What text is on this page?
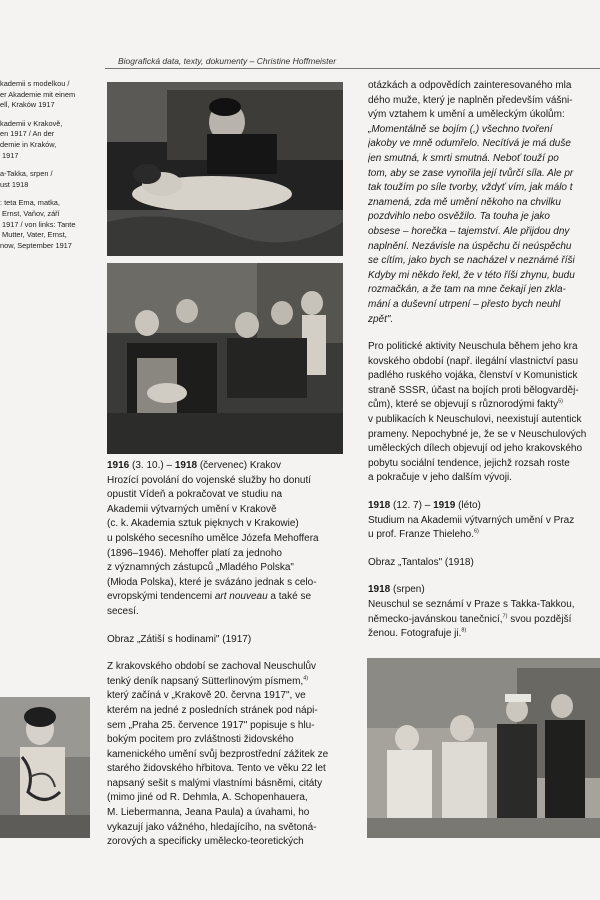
Biografická data, texty, dokumenty – Christine Hoffmeister
kademii s modelkou /
er Akademie mit einem
ell, Kraków 1917
kademii v Krakově,
en 1917 / An der
demie in Kraków,
1917
a-Takka, srpen /
ust 1918
: teta Ema, matka,
Ernst, Vaňov, září
1917 / von links: Tante
Mutter, Vater, Ernst,
now, September 1917

1916 (3. 10.) – 1918 (červenec) Krakov

Hrozící povolání do vojenské služby ho donutí

opustit Vídeň a pokračovat ve studiu na

Akademii výtvarných umění v Krakově

(c. k. Akademia sztuk pięknych v Krakowie)

u polského secesního umělce Józefa Mehoffera

(1896–1946). Mehoffer platí za jednoho

z významných zástupců „Mladého Polska"

(Młoda Polska), které je svázáno jednak s celo-

evropskými tendencemi art nouveau a také se

secesí.

Obraz „Zátiší s hodinami" (1917)

Z krakovského období se zachoval Neuschulův

tenký deník napsaný Sütterlinovým písmem,$^{4)}$

který začíná v „Krakově 20. června 1917", ve

kterém na jedné z posledních stránek pod nápi-

sem „Praha 25. července 1917" popisuje s hlu-

bokým pocitem pro zvláštnosti židovského

kamenického umění svůj bezprostřední zážitek ze

starého židovského hřbitova. Tento ve věku 22 let

napsaný sešit s malými vlastními básněmi, citáty

(mimo jiné od R. Dehmla, A. Schopenhauera,

M. Liebermanna, Jeana Paula) a úvahami, ho

vykazují jako vážného, hledajícího, na světoná-

zorových a specificky umělecko-teoretických

otázkách a odpovědích zainteresovaného mla

dého muže, který je naplněn především vášni-

vým vztahem k umění a uměleckým úkolům:

„Momentálně se bojím (,) všechno tvoření

jakoby ve mně odumřelo. Necítívá je má duše

jen smutná, k smrti smutná. Neboť touží po

tom, aby se zase vynořila její tvůrčí síla. Ale pr

tak toužím po síle tvorby, vždyť vím, jak málo t

znamená, zda mě umění někoho na chvilku

pozdvihlo nebo osvěžilo. Ta touha je jako

obsese – horečka – tajemství. Ale přijdou dny

naplnění. Nezávisle na úspěchu či neúspěchu

se cítím, jako bych se nacházel v neznámé říši

Kdyby mi někdo řekl, že v této říši zhynu, budu

rozmačkán, a že tam na mne čekají jen zkla-

mání a duševní utrpení – přesto bych neuhl

zpět".

Pro politické aktivity Neuschula během jeho kra

kovského období (např. ilegální vlastnictví pasu

padlého ruského vojáka, členství v Komunistick

straně SSSR, účast na bojích proti bělogvarděj-

cům), které se objevují s různorodými fakty$^{5)}$

v publikacích k Neuschulovi, neexistují autentick

prameny. Nepochybné je, že se v Neuschulových

uměleckých dílech objevují od jeho krakovského

pobytu sociální tendence, jejichž rozsah roste

a pokračuje v jeho dalším vývoji.

1918 (12. 7) – 1919 (léto)

Studium na Akademii výtvarných umění v Praz

u prof. Franze Thieleho.$^{6)}$

Obraz „Tantalos" (1918)

1918 (srpen)

Neuschul se seznámí v Praze s Takka-Takkou,

německo-javánskou tanečnicí,$^{7)}$ svou pozdější

ženou. Fotografuje ji.$^{8)}$
